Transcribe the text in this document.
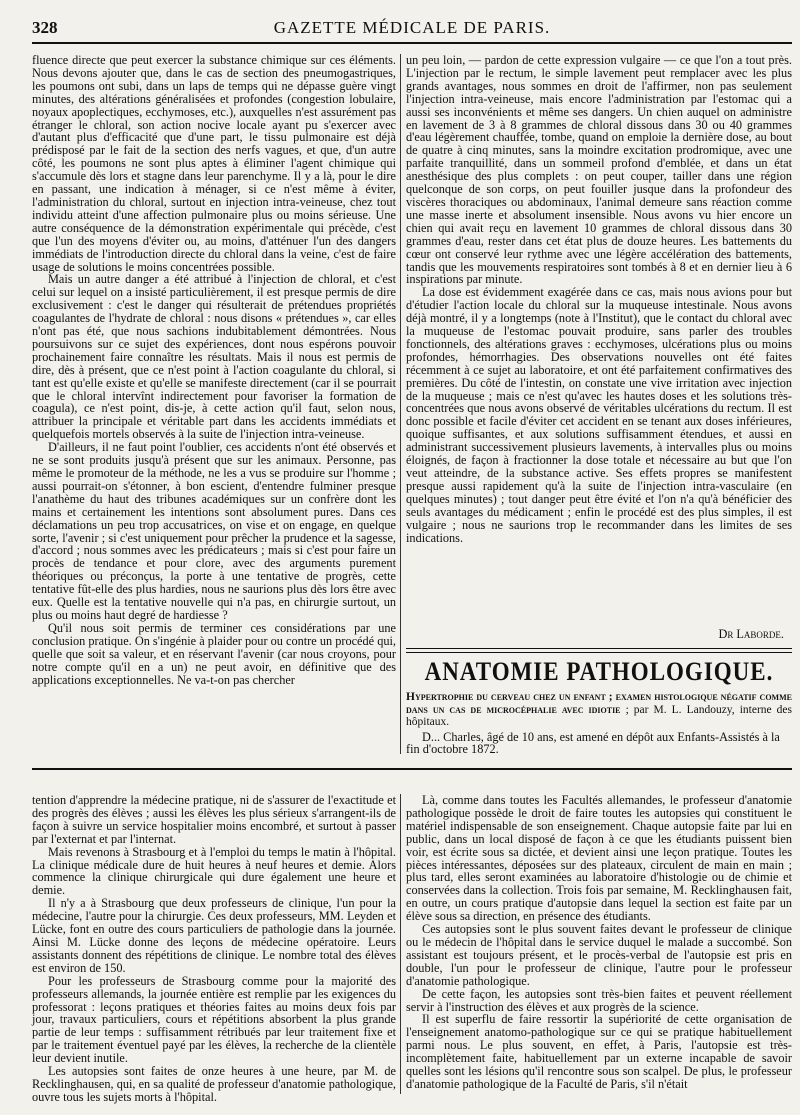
328	GAZETTE MÉDICALE DE PARIS.

fluence directe que peut exercer la substance chimique sur ces éléments. Nous devons ajouter que, dans le cas de section des pneumogastriques, les poumons ont subi, dans un laps de temps qui ne dépasse guère vingt minutes, des altérations généralisées et profondes (congestion lobulaire, noyaux apoplectiques, ecchymoses, etc.), auxquelles n'est assurément pas étranger le chloral, son action nocive locale ayant pu s'exercer avec d'autant plus d'efficacité que d'une part, le tissu pulmonaire est déjà prédisposé par le fait de la section des nerfs vagues, et que, d'un autre côté, les poumons ne sont plus aptes à éliminer l'agent chimique qui s'accumule dès lors et stagne dans leur parenchyme. Il y a là, pour le dire en passant, une indication à ménager, si ce n'est même à éviter, l'administration du chloral, surtout en injection intra-veineuse, chez tout individu atteint d'une affection pulmonaire plus ou moins sérieuse. Une autre conséquence de la démonstration expérimentale qui précède, c'est que l'un des moyens d'éviter ou, au moins, d'atténuer l'un des dangers immédiats de l'introduction directe du chloral dans la veine, c'est de faire usage de solutions le moins concentrées possible.

Mais un autre danger a été attribué à l'injection de chloral, et c'est celui sur lequel on a insisté particulièrement, il est presque permis de dire exclusivement : c'est le danger qui résulterait de prétendues propriétés coagulantes de l'hydrate de chloral : nous disons « prétendues », car elles n'ont pas été, que nous sachions indubitablement démontrées. Nous poursuivons sur ce sujet des expériences, dont nous espérons pouvoir prochainement faire connaître les résultats. Mais il nous est permis de dire, dès à présent, que ce n'est point à l'action coagulante du chloral, si tant est qu'elle existe et qu'elle se manifeste directement (car il se pourrait que le chloral intervînt indirectement pour favoriser la formation de coagula), ce n'est point, dis-je, à cette action qu'il faut, selon nous, attribuer la principale et véritable part dans les accidents immédiats et quelquefois mortels observés à la suite de l'injection intra-veineuse.

D'ailleurs, il ne faut point l'oublier, ces accidents n'ont été observés et ne se sont produits jusqu'à présent que sur les animaux. Personne, pas même le promoteur de la méthode, ne les a vus se produire sur l'homme ; aussi pourrait-on s'étonner, à bon escient, d'entendre fulminer presque l'anathème du haut des tribunes académiques sur un confrère dont les mains et certainement les intentions sont absolument pures. Dans ces déclamations un peu trop accusatrices, on vise et on engage, en quelque sorte, l'avenir ; si c'est uniquement pour prêcher la prudence et la sagesse, d'accord ; nous sommes avec les prédicateurs ; mais si c'est pour faire un procès de tendance et pour clore, avec des arguments purement théoriques ou préconçus, la porte à une tentative de progrès, cette tentative fût-elle des plus hardies, nous ne saurions plus dès lors être avec eux. Quelle est la tentative nouvelle qui n'a pas, en chirurgie surtout, un plus ou moins haut degré de hardiesse ?

Qu'il nous soit permis de terminer ces considérations par une conclusion pratique. On s'ingénie à plaider pour ou contre un procédé qui, quelle que soit sa valeur, et en réservant l'avenir (car nous croyons, pour notre compte qu'il en a un) ne peut avoir, en définitive que des applications exceptionnelles. Ne va-t-on pas chercher

un peu loin, — pardon de cette expression vulgaire — ce que l'on a tout près. L'injection par le rectum, le simple lavement peut remplacer avec les plus grands avantages, nous sommes en droit de l'affirmer, non pas seulement l'injection intra-veineuse, mais encore l'administration par l'estomac qui a aussi ses inconvénients et même ses dangers. Un chien auquel on administre en lavement de 3 à 8 grammes de chloral dissous dans 30 ou 40 grammes d'eau légèrement chauffée, tombe, quand on emploie la dernière dose, au bout de quatre à cinq minutes, sans la moindre excitation prodromique, avec une parfaite tranquillité, dans un sommeil profond d'emblée, et dans un état anesthésique des plus complets : on peut couper, tailler dans une région quelconque de son corps, on peut fouiller jusque dans la profondeur des viscères thoraciques ou abdominaux, l'animal demeure sans réaction comme une masse inerte et absolument insensible. Nous avons vu hier encore un chien qui avait reçu en lavement 10 grammes de chloral dissous dans 30 grammes d'eau, rester dans cet état plus de douze heures. Les battements du cœur ont conservé leur rythme avec une légère accélération des battements, tandis que les mouvements respiratoires sont tombés à 8 et en dernier lieu à 6 inspirations par minute.

La dose est évidemment exagérée dans ce cas, mais nous avions pour but d'étudier l'action locale du chloral sur la muqueuse intestinale. Nous avons déjà montré, il y a longtemps (note à l'Institut), que le contact du chloral avec la muqueuse de l'estomac pouvait produire, sans parler des troubles fonctionnels, des altérations graves : ecchymoses, ulcérations plus ou moins profondes, hémorrhagies. Des observations nouvelles ont été faites récemment à ce sujet au laboratoire, et ont été parfaitement confirmatives des premières. Du côté de l'intestin, on constate une vive irritation avec injection de la muqueuse ; mais ce n'est qu'avec les hautes doses et les solutions très-concentrées que nous avons observé de véritables ulcérations du rectum. Il est donc possible et facile d'éviter cet accident en se tenant aux doses inférieures, quoique suffisantes, et aux solutions suffisamment étendues, et aussi en administrant successivement plusieurs lavements, à intervalles plus ou moins éloignés, de façon à fractionner la dose totale et nécessaire au but que l'on veut atteindre, de la substance active. Ses effets propres se manifestent presque aussi rapidement qu'à la suite de l'injection intra-vasculaire (en quelques minutes) ; tout danger peut être évité et l'on n'a qu'à bénéficier des seuls avantages du médicament ; enfin le procédé est des plus simples, il est vulgaire ; nous ne saurions trop le recommander dans les limites de ses indications.

Dr Laborde.
ANATOMIE PATHOLOGIQUE.
Hypertrophie du cerveau chez un enfant ; examen histologique négatif comme dans un cas de microcéphalie avec idiotie ; par M. L. Landouzy, interne des hôpitaux.
D... Charles, âgé de 10 ans, est amené en dépôt aux Enfants-Assistés à la fin d'octobre 1872.

tention d'apprendre la médecine pratique, ni de s'assurer de l'exactitude et des progrès des élèves ; aussi les élèves les plus sérieux s'arrangent-ils de façon à suivre un service hospitalier moins encombré, et surtout à passer par l'externat et par l'internat.

Mais revenons à Strasbourg et à l'emploi du temps le matin à l'hôpital. La clinique médicale dure de huit heures à neuf heures et demie. Alors commence la clinique chirurgicale qui dure également une heure et demie.

Il n'y a à Strasbourg que deux professeurs de clinique, l'un pour la médecine, l'autre pour la chirurgie. Ces deux professeurs, MM. Leyden et Lücke, font en outre des cours particuliers de pathologie dans la journée. Ainsi M. Lücke donne des leçons de médecine opératoire. Leurs assistants donnent des répétitions de clinique. Le nombre total des élèves est environ de 150.

Pour les professeurs de Strasbourg comme pour la majorité des professeurs allemands, la journée entière est remplie par les exigences du professorat : leçons pratiques et théories faites au moins deux fois par jour, travaux particuliers, cours et répétitions absorbent la plus grande partie de leur temps : suffisamment rétribués par leur traitement fixe et par le traitement éventuel payé par les élèves, la recherche de la clientèle leur devient inutile.

Les autopsies sont faites de onze heures à une heure, par M. de Recklinghausen, qui, en sa qualité de professeur d'anatomie pathologique, ouvre tous les sujets morts à l'hôpital.

Là, comme dans toutes les Facultés allemandes, le professeur d'anatomie pathologique possède le droit de faire toutes les autopsies qui constituent le matériel indispensable de son enseignement. Chaque autopsie faite par lui en public, dans un local disposé de façon à ce que les étudiants puissent bien voir, est écrite sous sa dictée, et devient ainsi une leçon pratique. Toutes les pièces intéressantes, déposées sur des plateaux, circulent de main en main ; plus tard, elles seront examinées au laboratoire d'histologie ou de chimie et conservées dans la collection. Trois fois par semaine, M. Recklinghausen fait, en outre, un cours pratique d'autopsie dans lequel la section est faite par un élève sous sa direction, en présence des étudiants.

Ces autopsies sont le plus souvent faites devant le professeur de clinique ou le médecin de l'hôpital dans le service duquel le malade a succombé. Son assistant est toujours présent, et le procès-verbal de l'autopsie est pris en double, l'un pour le professeur de clinique, l'autre pour le professeur d'anatomie pathologique.

De cette façon, les autopsies sont très-bien faites et peuvent réellement servir à l'instruction des élèves et aux progrès de la science.

Il est superflu de faire ressortir la supériorité de cette organisation de l'enseignement anatomo-pathologique sur ce qui se pratique habituellement parmi nous. Le plus souvent, en effet, à Paris, l'autopsie est très-incomplètement faite, habituellement par un externe incapable de savoir quelles sont les lésions qu'il rencontre sous son scalpel. De plus, le professeur d'anatomie pathologique de la Faculté de Paris, s'il n'était
